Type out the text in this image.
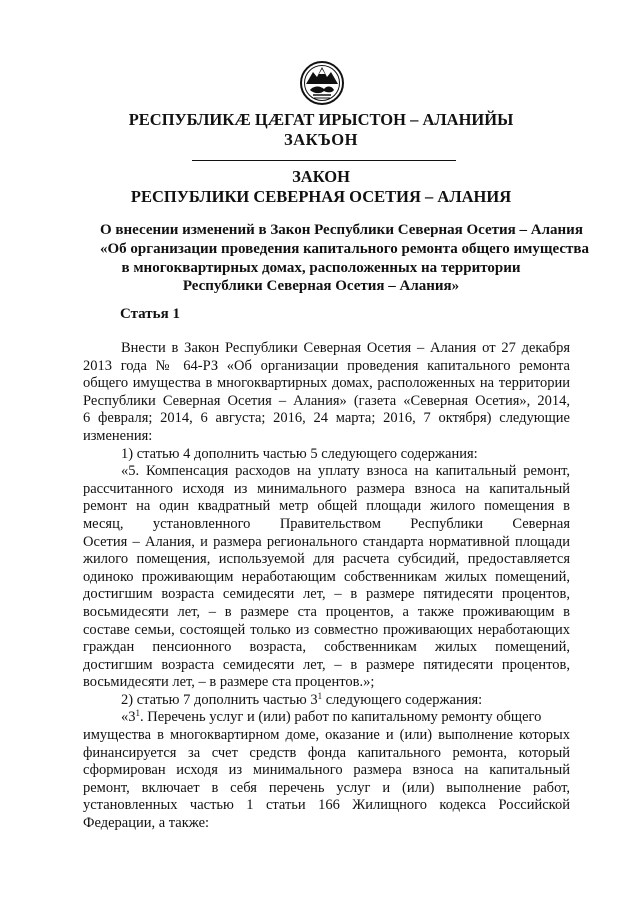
РЕСПУБЛИКӔ ЦӔГАТ ИРЫСТОН – АЛАНИЙЫ
ЗАКЪОН
ЗАКОН
РЕСПУБЛИКИ СЕВЕРНАЯ ОСЕТИЯ – АЛАНИЯ
О внесении изменений в Закон Республики Северная Осетия – Алания
«Об организации проведения капитального ремонта общего имущества
в многоквартирных домах, расположенных на территории
Республики Северная Осетия – Алания»
Статья 1
Внести в Закон Республики Северная Осетия – Алания от 27 декабря
2013 года № 64-РЗ «Об организации проведения капитального ремонта
общего имущества в многоквартирных домах, расположенных на территории
Республики Северная Осетия – Алания» (газета «Северная Осетия», 2014,
6 февраля; 2014, 6 августа; 2016, 24 марта; 2016, 7 октября) следующие
изменения:
1) статью 4 дополнить частью 5 следующего содержания:
«5. Компенсация расходов на уплату взноса на капитальный ремонт,
рассчитанного исходя из минимального размера взноса на капитальный
ремонт на один квадратный метр общей площади жилого помещения в
месяц, установленного Правительством Республики Северная
Осетия – Алания, и размера регионального стандарта нормативной площади
жилого помещения, используемой для расчета субсидий, предоставляется
одиноко проживающим неработающим собственникам жилых помещений,
достигшим возраста семидесяти лет, – в размере пятидесяти процентов,
восьмидесяти лет, – в размере ста процентов, а также проживающим в
составе семьи, состоящей только из совместно проживающих неработающих
граждан пенсионного возраста, собственникам жилых помещений,
достигшим возраста семидесяти лет, – в размере пятидесяти процентов,
восьмидесяти лет, – в размере ста процентов.»;
2) статью 7 дополнить частью $3^1$ следующего содержания:
«$3^1$. Перечень услуг и (или) работ по капитальному ремонту общего
имущества в многоквартирном доме, оказание и (или) выполнение которых
финансируется за счет средств фонда капитального ремонта, который
сформирован исходя из минимального размера взноса на капитальный
ремонт, включает в себя перечень услуг и (или) выполнение работ,
установленных частью 1 статьи 166 Жилищного кодекса Российской
Федерации, а также:
